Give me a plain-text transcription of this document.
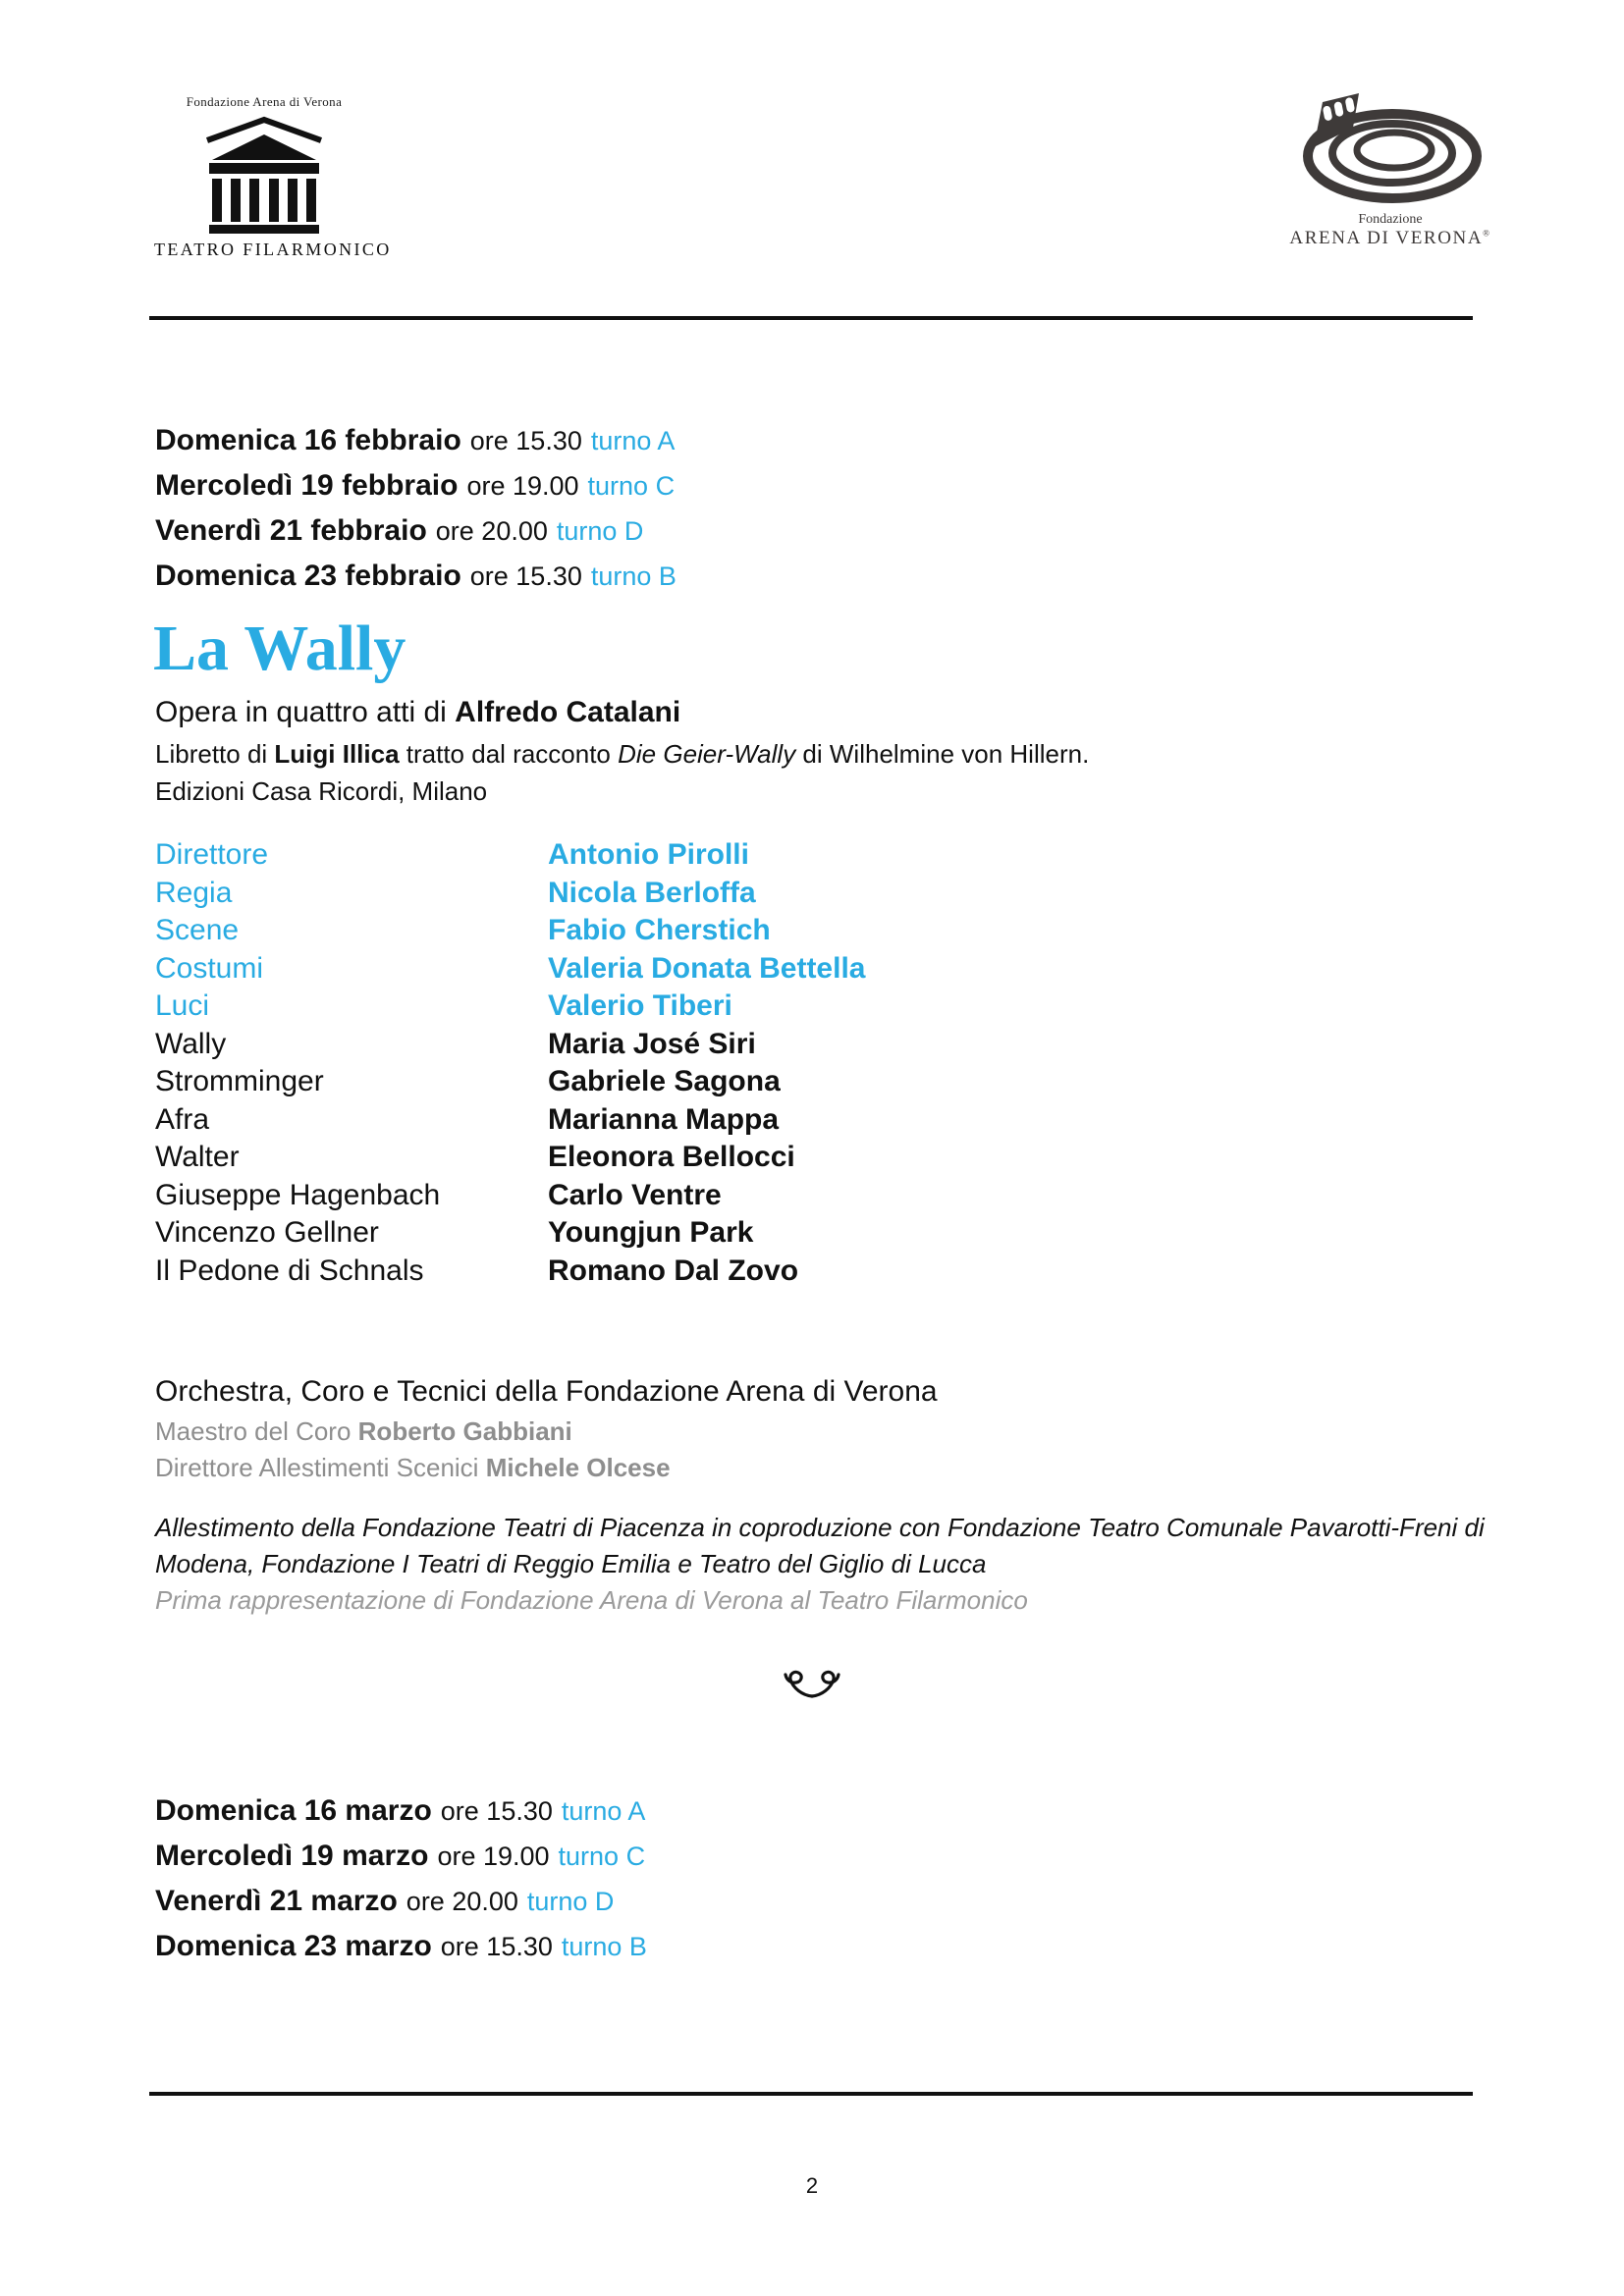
Fondazione Arena di Verona
TEATRO FILARMONICO
Fondazione
ARENA DI VERONA®
Domenica 16 febbraio ore 15.30 turno A
Mercoledì 19 febbraio ore 19.00 turno C
Venerdì 21 febbraio ore 20.00 turno D
Domenica 23 febbraio ore 15.30 turno B
La Wally

Opera in quattro atti di Alfredo Catalani

Libretto di Luigi Illica tratto dal racconto Die Geier-Wally di Wilhelmine von Hillern.

Edizioni Casa Ricordi, Milano

Direttore	Antonio Pirolli
Regia	Nicola Berloffa
Scene	Fabio Cherstich
Costumi	Valeria Donata Bettella
Luci	Valerio Tiberi
Wally	Maria José Siri
Stromminger	Gabriele Sagona
Afra	Marianna Mappa
Walter	Eleonora Bellocci
Giuseppe Hagenbach	Carlo Ventre
Vincenzo Gellner	Youngjun Park
Il Pedone di Schnals	Romano Dal Zovo
Orchestra, Coro e Tecnici della Fondazione Arena di Verona
Maestro del Coro Roberto Gabbiani
Direttore Allestimenti Scenici Michele Olcese

Allestimento della Fondazione Teatri di Piacenza in coproduzione con Fondazione Teatro Comunale Pavarotti-Freni di Modena, Fondazione I Teatri di Reggio Emilia e Teatro del Giglio di Lucca

Prima rappresentazione di Fondazione Arena di Verona al Teatro Filarmonico

Domenica 16 marzo ore 15.30 turno A
Mercoledì 19 marzo ore 19.00 turno C
Venerdì 21 marzo ore 20.00 turno D
Domenica 23 marzo ore 15.30 turno B
2
